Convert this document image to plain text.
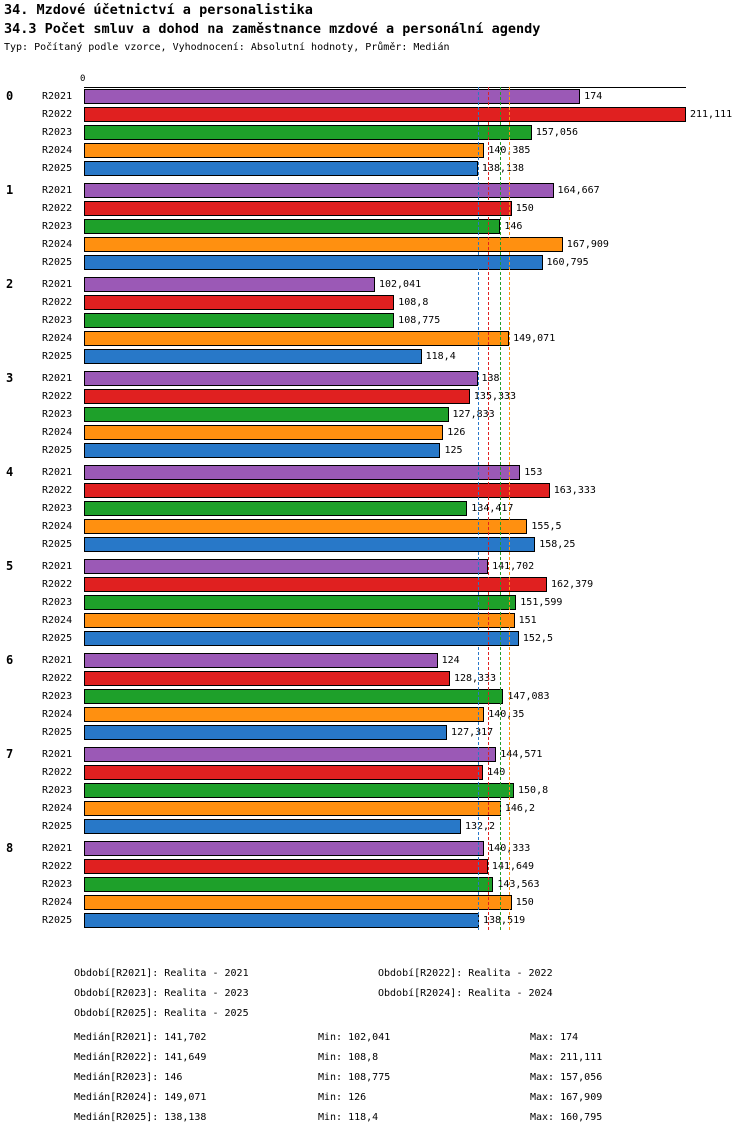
34. Mzdové účetnictví a personalistika
34.3 Počet smluv a dohod na zaměstnance mzdové a personální agendy
Typ: Počítaný podle vzorce, Vyhodnocení: Absolutní hodnoty, Průměr: Medián
0
0	R2021	174
R2022	211,111
R2023	157,056
R2024	140,385
R2025	138,138
1	R2021	164,667
R2022	150
R2023	146
R2024	167,909
R2025	160,795
2	R2021	102,041
R2022	108,8
R2023	108,775
R2024	149,071
R2025	118,4
3	R2021	138
R2022	135,333
R2023	127,833
R2024	126
R2025	125
4	R2021	153
R2022	163,333
R2023	134,417
R2024	155,5
R2025	158,25
5	R2021	141,702
R2022	162,379
R2023	151,599
R2024	151
R2025	152,5
6	R2021	124
R2022	128,333
R2023	147,083
R2024	140,35
R2025	127,317
7	R2021	144,571
R2022	140
R2023	150,8
R2024	146,2
R2025	132,2
8	R2021	140,333
R2022	141,649
R2023	143,563
R2024	150
R2025	138,519
Období[R2021]: Realita - 2021	Období[R2022]: Realita - 2022
Období[R2023]: Realita - 2023	Období[R2024]: Realita - 2024
Období[R2025]: Realita - 2025
Medián[R2021]: 141,702	Min: 102,041	Max: 174
Medián[R2022]: 141,649	Min: 108,8	Max: 211,111
Medián[R2023]: 146	Min: 108,775	Max: 157,056
Medián[R2024]: 149,071	Min: 126	Max: 167,909
Medián[R2025]: 138,138	Min: 118,4	Max: 160,795
